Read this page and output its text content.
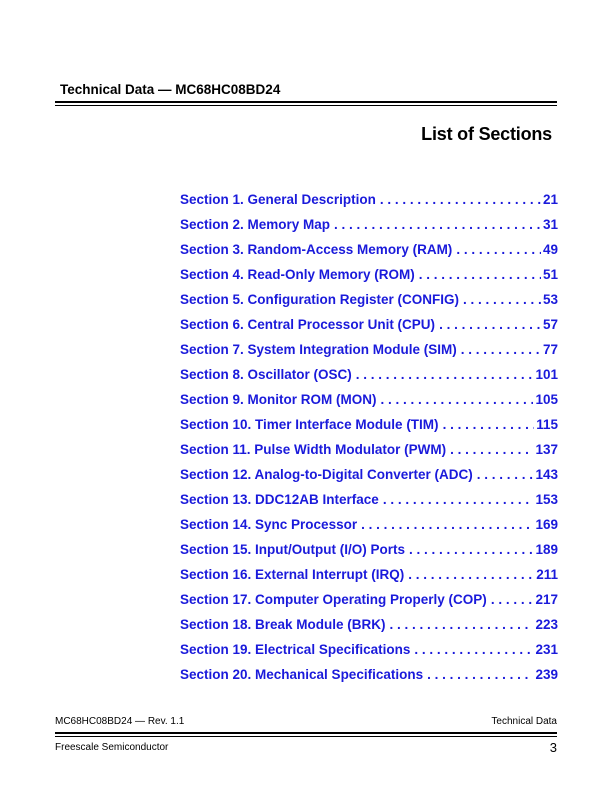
Technical Data — MC68HC08BD24
List of Sections
Section 1. General Description . . .	21
Section 2. Memory Map . . .	31
Section 3. Random-Access Memory (RAM) . . .	49
Section 4. Read-Only Memory (ROM) . . .	51
Section 5. Configuration Register (CONFIG) . . .	53
Section 6. Central Processor Unit (CPU) . . .	57
Section 7. System Integration Module (SIM) . . .	77
Section 8. Oscillator (OSC) . . .	101
Section 9. Monitor ROM (MON) . . .	105
Section 10. Timer Interface Module (TIM) . . .	115
Section 11. Pulse Width Modulator (PWM) . . .	137
Section 12. Analog-to-Digital Converter (ADC) . . .	143
Section 13. DDC12AB Interface . . .	153
Section 14. Sync Processor . . .	169
Section 15. Input/Output (I/O) Ports . . .	189
Section 16. External Interrupt (IRQ) . . .	211
Section 17. Computer Operating Properly (COP) . . .	217
Section 18. Break Module (BRK) . . .	223
Section 19. Electrical Specifications . . .	231
Section 20. Mechanical Specifications . . .	239
MC68HC08BD24 — Rev. 1.1	Technical Data
Freescale Semiconductor	3
